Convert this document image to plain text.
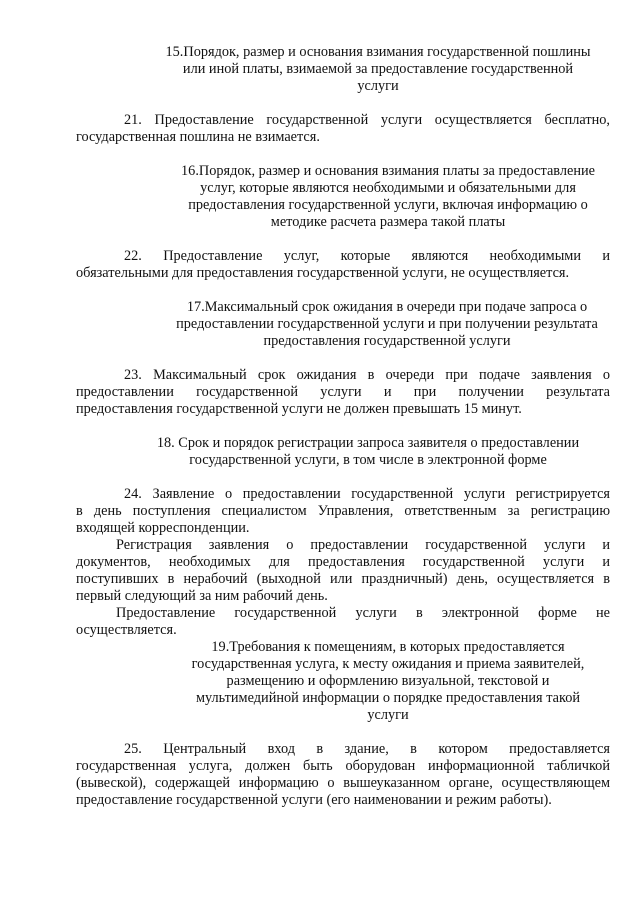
15.Порядок, размер и основания взимания государственной пошлины
или иной платы, взимаемой за предоставление государственной
услуги
21. Предоставление государственной услуги осуществляется бесплатно,
государственная пошлина не взимается.
16.Порядок, размер и основания взимания платы за предоставление
услуг, которые являются необходимыми и обязательными для
предоставления государственной услуги, включая информацию о
методике расчета размера такой платы
22. Предоставление услуг, которые являются необходимыми и
обязательными для предоставления государственной услуги, не осуществляется.
17.Максимальный срок ожидания в очереди при подаче запроса о
предоставлении государственной услуги и при получении результата
предоставления государственной услуги
23. Максимальный срок ожидания в очереди при подаче заявления о
предоставлении государственной услуги и при получении результата
предоставления государственной услуги не должен превышать 15 минут.
18. Срок и порядок регистрации запроса заявителя о предоставлении
государственной услуги, в том числе в электронной форме
24. Заявление о предоставлении государственной услуги регистрируется
в день поступления специалистом Управления, ответственным за регистрацию
входящей корреспонденции.
Регистрация заявления о предоставлении государственной услуги и
документов, необходимых для предоставления государственной услуги и
поступивших в нерабочий (выходной или праздничный) день, осуществляется в
первый следующий за ним рабочий день.
Предоставление государственной услуги в электронной форме не
осуществляется.
19.Требования к помещениям, в которых предоставляется
государственная услуга, к месту ожидания и приема заявителей,
размещению и оформлению визуальной, текстовой и
мультимедийной информации о порядке предоставления такой
услуги
25. Центральный вход в здание, в котором предоставляется
государственная услуга, должен быть оборудован информационной табличкой
(вывеской), содержащей информацию о вышеуказанном органе, осуществляющем
предоставление государственной услуги (его наименовании и режим работы).
